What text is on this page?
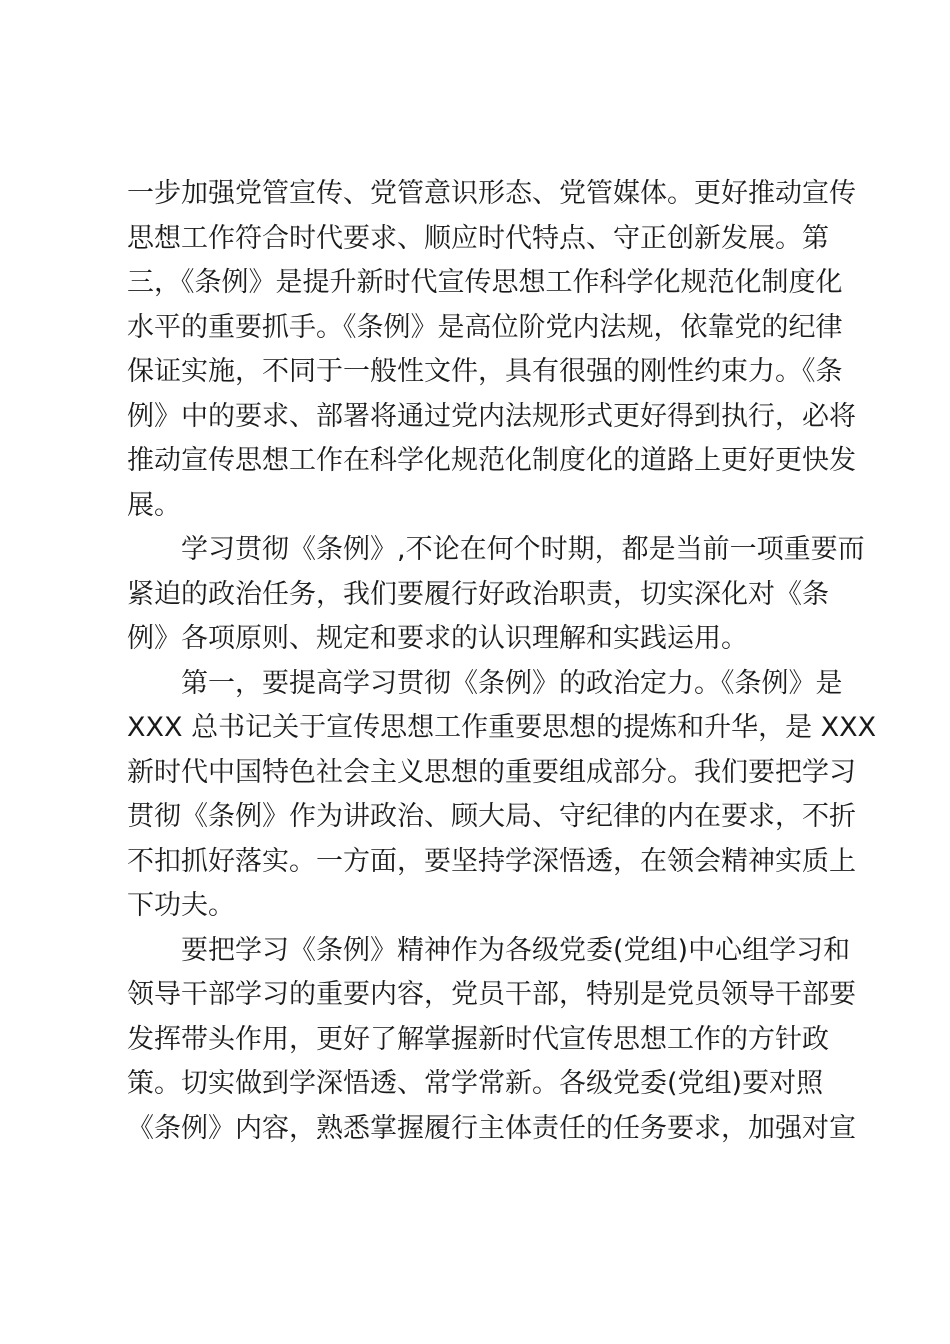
一步加强党管宣传、党管意识形态、党管媒体。更好推动宣传
思想工作符合时代要求、顺应时代特点、守正创新发展。第
三，《条例》是提升新时代宣传思想工作科学化规范化制度化
水平的重要抓手。《条例》是高位阶党内法规，依靠党的纪律
保证实施，不同于一般性文件，具有很强的刚性约束力。《条
例》中的要求、部署将通过党内法规形式更好得到执行，必将
推动宣传思想工作在科学化规范化制度化的道路上更好更快发
展。
学习贯彻《条例》,不论在何个时期，都是当前一项重要而
紧迫的政治任务，我们要履行好政治职责，切实深化对《条
例》各项原则、规定和要求的认识理解和实践运用。
第一，要提高学习贯彻《条例》的政治定力。《条例》是
XXX 总书记关于宣传思想工作重要思想的提炼和升华，是 XXX
新时代中国特色社会主义思想的重要组成部分。我们要把学习
贯彻《条例》作为讲政治、顾大局、守纪律的内在要求，不折
不扣抓好落实。一方面，要坚持学深悟透，在领会精神实质上
下功夫。
要把学习《条例》精神作为各级党委(党组)中心组学习和
领导干部学习的重要内容，党员干部，特别是党员领导干部要
发挥带头作用，更好了解掌握新时代宣传思想工作的方针政
策。切实做到学深悟透、常学常新。各级党委(党组)要对照
《条例》内容，熟悉掌握履行主体责任的任务要求，加强对宣
